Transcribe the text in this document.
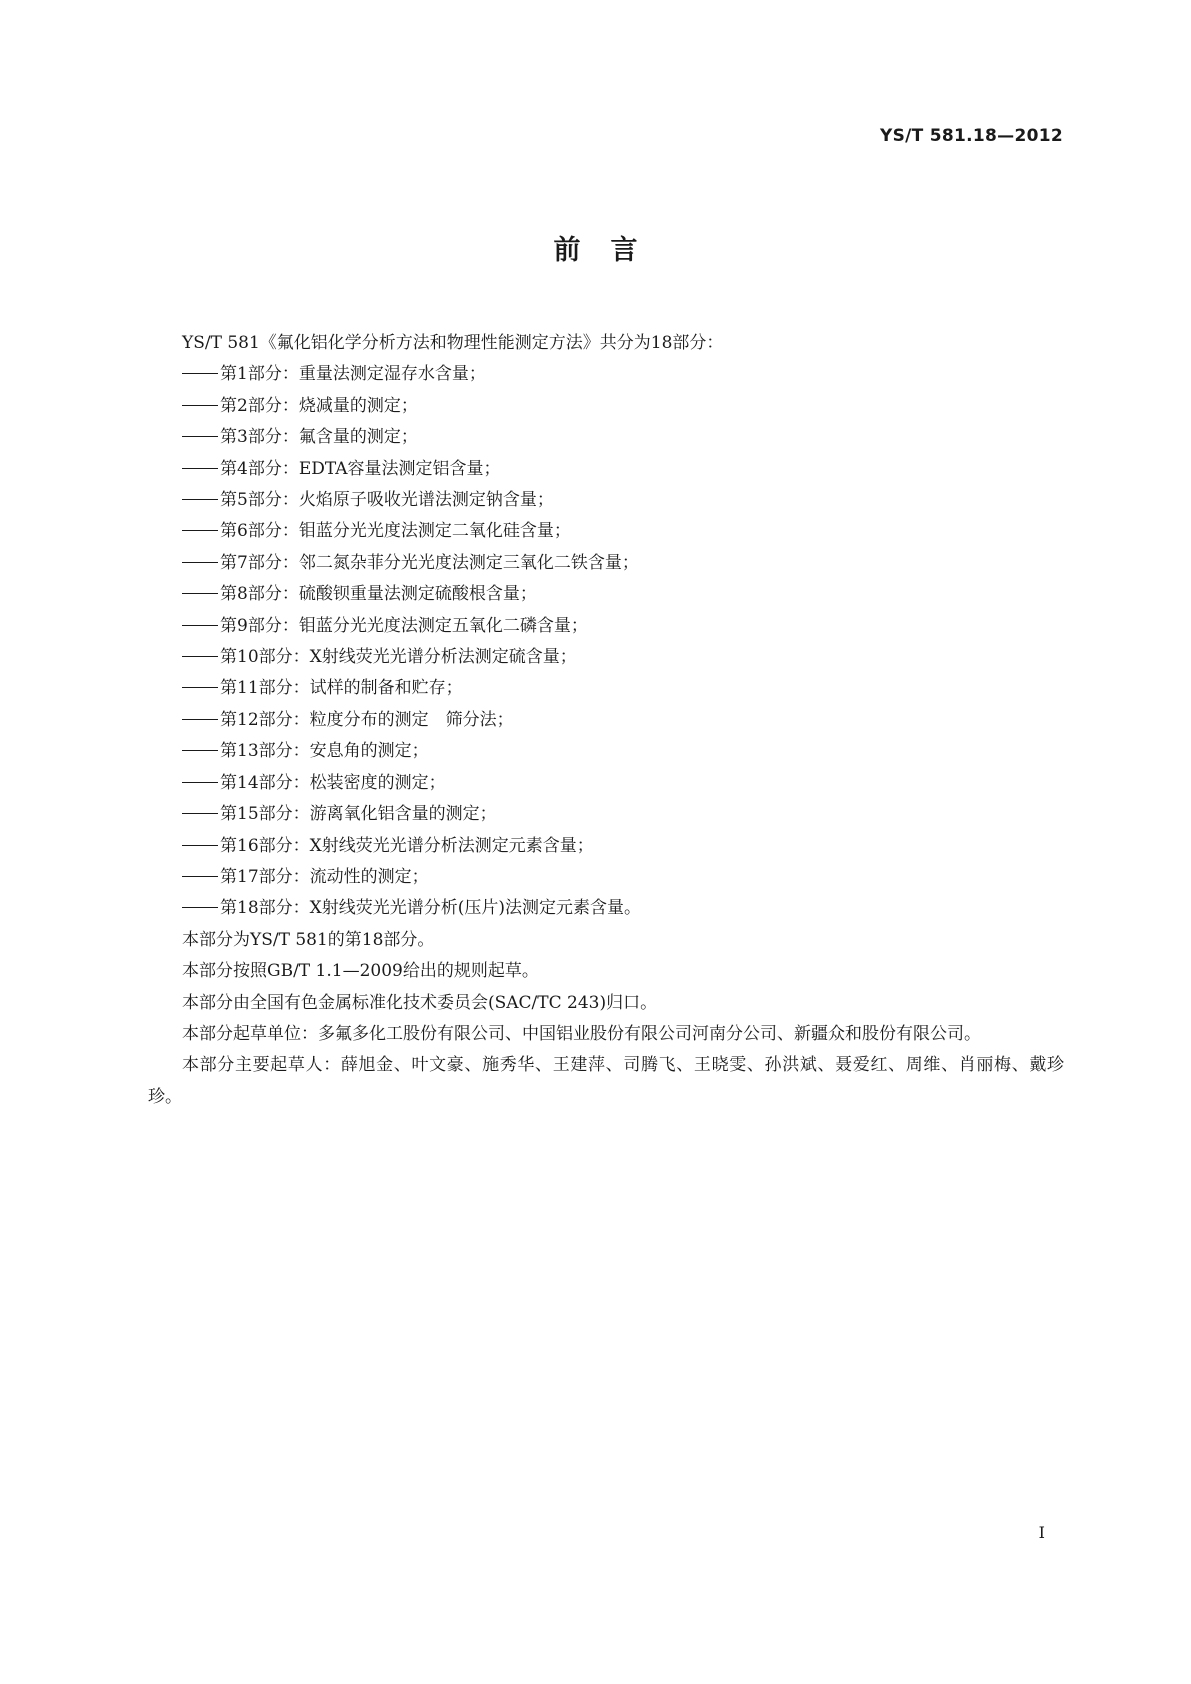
YS/T 581.18—2012
前言

YS/T 581《氟化铝化学分析方法和物理性能测定方法》共分为18部分：

第1部分：重量法测定湿存水含量；
第2部分：烧减量的测定；
第3部分：氟含量的测定；
第4部分：EDTA容量法测定铝含量；
第5部分：火焰原子吸收光谱法测定钠含量；
第6部分：钼蓝分光光度法测定二氧化硅含量；
第7部分：邻二氮杂菲分光光度法测定三氧化二铁含量；
第8部分：硫酸钡重量法测定硫酸根含量；
第9部分：钼蓝分光光度法测定五氧化二磷含量；
第10部分：X射线荧光光谱分析法测定硫含量；
第11部分：试样的制备和贮存；
第12部分：粒度分布的测定　筛分法；
第13部分：安息角的测定；
第14部分：松装密度的测定；
第15部分：游离氧化铝含量的测定；
第16部分：X射线荧光光谱分析法测定元素含量；
第17部分：流动性的测定；
第18部分：X射线荧光光谱分析(压片)法测定元素含量。

本部分为YS/T 581的第18部分。

本部分按照GB/T 1.1—2009给出的规则起草。

本部分由全国有色金属标准化技术委员会(SAC/TC 243)归口。

本部分起草单位：多氟多化工股份有限公司、中国铝业股份有限公司河南分公司、新疆众和股份有限公司。

本部分主要起草人：薛旭金、叶文豪、施秀华、王建萍、司腾飞、王晓雯、孙洪斌、聂爱红、周维、肖丽梅、戴珍珍。

I
